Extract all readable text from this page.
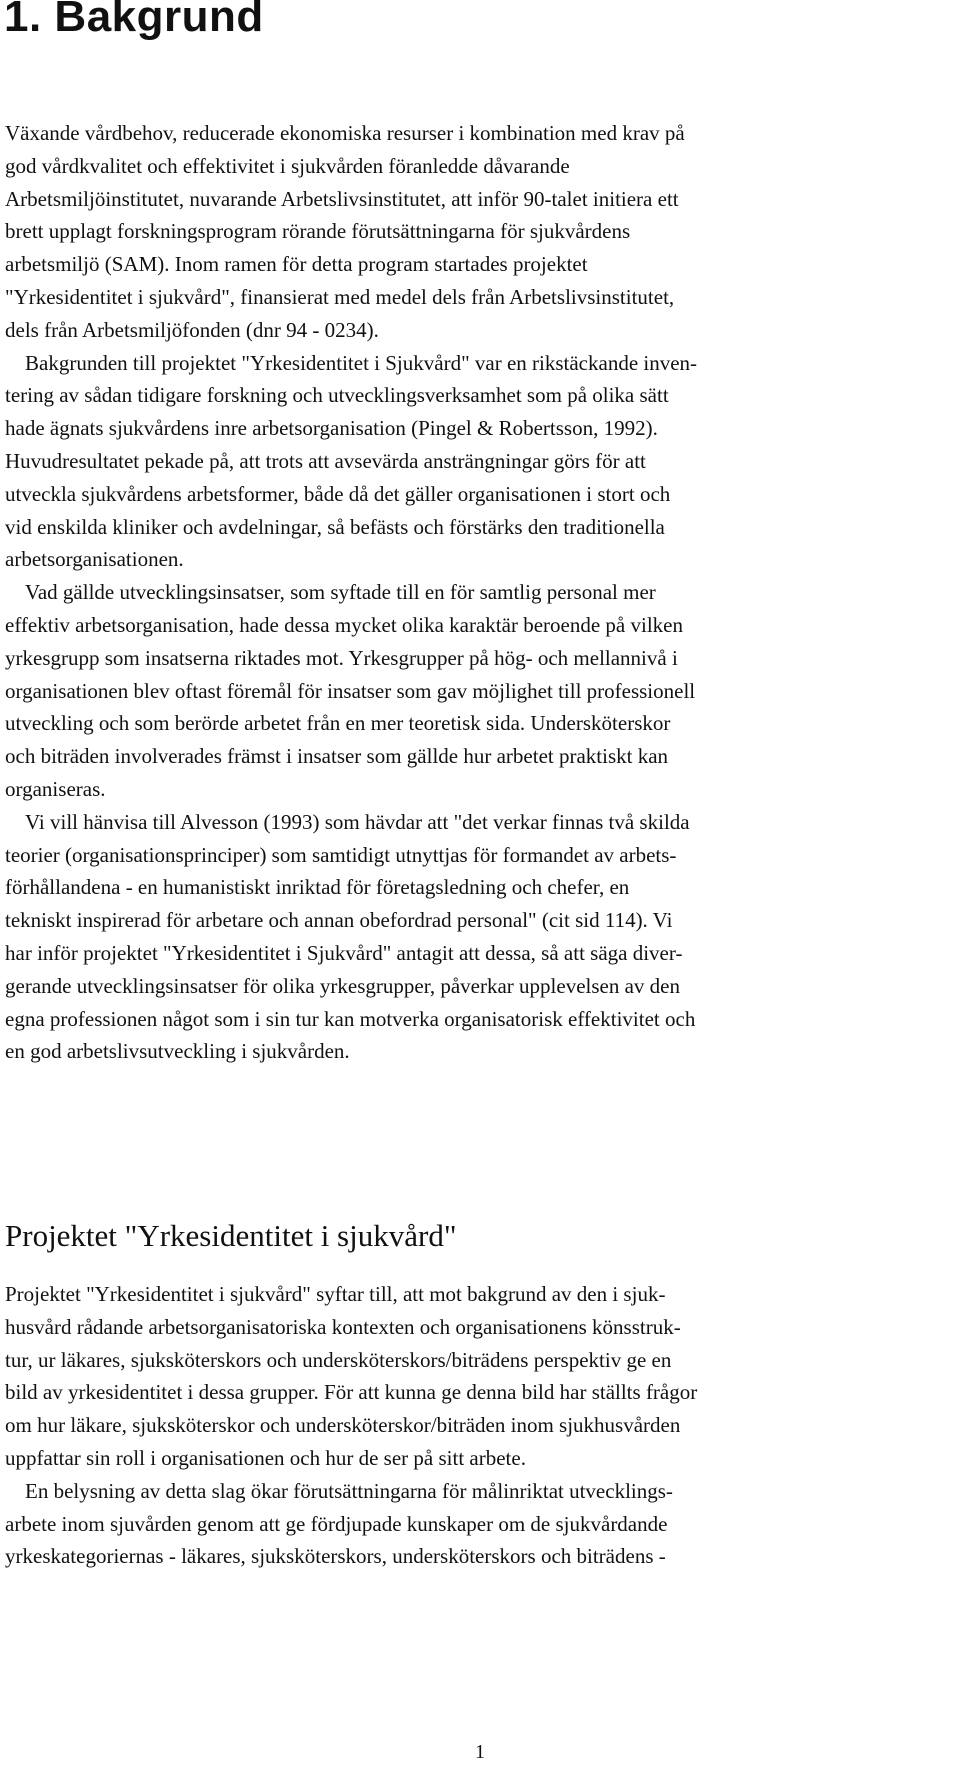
1. Bakgrund
Växande vårdbehov, reducerade ekonomiska resurser i kombination med krav på
god vårdkvalitet och effektivitet i sjukvården föranledde dåvarande
Arbetsmiljöinstitutet, nuvarande Arbetslivsinstitutet, att inför 90-talet initiera ett
brett upplagt forskningsprogram rörande förutsättningarna för sjukvårdens
arbetsmiljö (SAM). Inom ramen för detta program startades projektet
"Yrkesidentitet i sjukvård", finansierat med medel dels från Arbetslivsinstitutet,
dels från Arbetsmiljöfonden (dnr 94 - 0234).
Bakgrunden till projektet "Yrkesidentitet i Sjukvård" var en rikstäckande inven-
tering av sådan tidigare forskning och utvecklingsverksamhet som på olika sätt
hade ägnats sjukvårdens inre arbetsorganisation (Pingel & Robertsson, 1992).
Huvudresultatet pekade på, att trots att avsevärda ansträngningar görs för att
utveckla sjukvårdens arbetsformer, både då det gäller organisationen i stort och
vid enskilda kliniker och avdelningar, så befästs och förstärks den traditionella
arbetsorganisationen.
Vad gällde utvecklingsinsatser, som syftade till en för samtlig personal mer
effektiv arbetsorganisation, hade dessa mycket olika karaktär beroende på vilken
yrkesgrupp som insatserna riktades mot. Yrkesgrupper på hög- och mellannivå i
organisationen blev oftast föremål för insatser som gav möjlighet till professionell
utveckling och som berörde arbetet från en mer teoretisk sida. Undersköterskor
och biträden involverades främst i insatser som gällde hur arbetet praktiskt kan
organiseras.
Vi vill hänvisa till Alvesson (1993) som hävdar att "det verkar finnas två skilda
teorier (organisationsprinciper) som samtidigt utnyttjas för formandet av arbets-
förhållandena - en humanistiskt inriktad för företagsledning och chefer, en
tekniskt inspirerad för arbetare och annan obefordrad personal" (cit sid 114). Vi
har inför projektet "Yrkesidentitet i Sjukvård" antagit att dessa, så att säga diver-
gerande utvecklingsinsatser för olika yrkesgrupper, påverkar upplevelsen av den
egna professionen något som i sin tur kan motverka organisatorisk effektivitet och
en god arbetslivsutveckling i sjukvården.
Projektet "Yrkesidentitet i sjukvård"
Projektet "Yrkesidentitet i sjukvård" syftar till, att mot bakgrund av den i sjuk-
husvård rådande arbetsorganisatoriska kontexten och organisationens könsstruk-
tur, ur läkares, sjuksköterskors och undersköterskors/biträdens perspektiv ge en
bild av yrkesidentitet i dessa grupper. För att kunna ge denna bild har ställts frågor
om hur läkare, sjuksköterskor och undersköterskor/biträden inom sjukhusvården
uppfattar sin roll i organisationen och hur de ser på sitt arbete.
En belysning av detta slag ökar förutsättningarna för målinriktat utvecklings-
arbete inom sjuvården genom att ge fördjupade kunskaper om de sjukvårdande
yrkeskategoriernas - läkares, sjuksköterskors, undersköterskors och biträdens -
1
